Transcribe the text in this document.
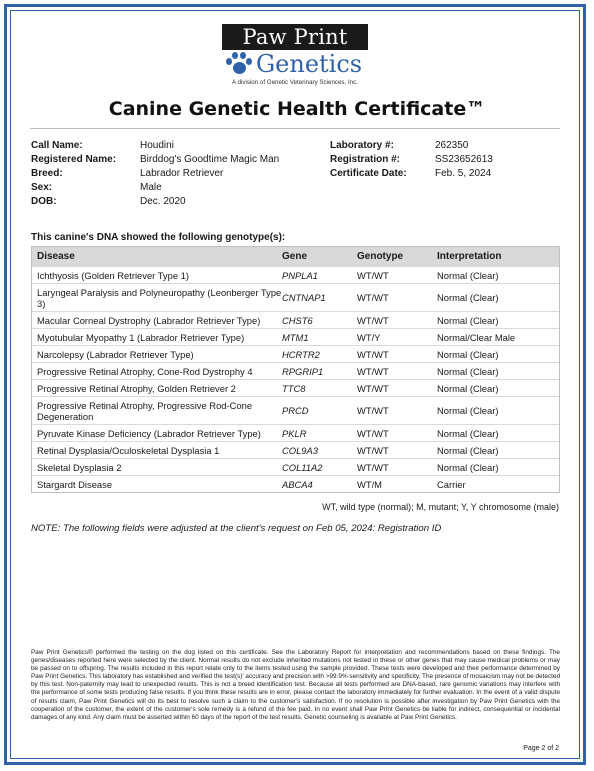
Paw Print
Genetics
A division of Genetic Veterinary Sciences, Inc.
Canine Genetic Health Certificate™
Call Name:	Houdini
Registered Name:	Birddog's Goodtime Magic Man
Breed:	Labrador Retriever
Sex:	Male
DOB:	Dec. 2020
Laboratory #:	262350
Registration #:	SS23652613
Certificate Date:	Feb. 5, 2024
This canine's DNA showed the following genotype(s):
Disease	Gene	Genotype	Interpretation
Ichthyosis (Golden Retriever Type 1)	PNPLA1	WT/WT	Normal (Clear)
Laryngeal Paralysis and Polyneuropathy (Leonberger Type 3)	CNTNAP1	WT/WT	Normal (Clear)
Macular Corneal Dystrophy (Labrador Retriever Type)	CHST6	WT/WT	Normal (Clear)
Myotubular Myopathy 1 (Labrador Retriever Type)	MTM1	WT/Y	Normal/Clear Male
Narcolepsy (Labrador Retriever Type)	HCRTR2	WT/WT	Normal (Clear)
Progressive Retinal Atrophy, Cone-Rod Dystrophy 4	RPGRIP1	WT/WT	Normal (Clear)
Progressive Retinal Atrophy, Golden Retriever 2	TTC8	WT/WT	Normal (Clear)
Progressive Retinal Atrophy, Progressive Rod-Cone Degeneration	PRCD	WT/WT	Normal (Clear)
Pyruvate Kinase Deficiency (Labrador Retriever Type)	PKLR	WT/WT	Normal (Clear)
Retinal Dysplasia/Oculoskeletal Dysplasia 1	COL9A3	WT/WT	Normal (Clear)
Skeletal Dysplasia 2	COL11A2	WT/WT	Normal (Clear)
Stargardt Disease	ABCA4	WT/M	Carrier
WT, wild type (normal); M, mutant; Y, Y chromosome (male)
NOTE: The following fields were adjusted at the client's request on Feb 05, 2024: Registration ID
Paw Print Genetics® performed the testing on the dog listed on this certificate. See the Laboratory Report for interpretation and recommendations based on these findings. The genes/diseases reported here were selected by the client. Normal results do not exclude inherited mutations not tested in these or other genes that may cause medical problems or may be passed on to offspring. The results included in this report relate only to the items tested using the sample provided. These tests were developed and their performance determined by Paw Print Genetics. This laboratory has established and verified the test(s)' accuracy and precision with >99.9% sensitivity and specificity. The presence of mosaicism may not be detected by this test. Non-paternity may lead to unexpected results. This is not a breed identification test. Because all tests performed are DNA-based, rare genomic variations may interfere with the performance of some tests producing false results. If you think these results are in error, please contact the laboratory immediately for further evaluation. In the event of a valid dispute of results claim, Paw Print Genetics will do its best to resolve such a claim to the customer's satisfaction. If no resolution is possible after investigation by Paw Print Genetics with the cooperation of the customer, the extent of the customer's sole remedy is a refund of the fee paid. In no event shall Paw Print Genetics be liable for indirect, consequential or incidental damages of any kind. Any claim must be asserted within 60 days of the report of the test results. Genetic counseling is available at Paw Print Genetics.
Page 2 of 2
